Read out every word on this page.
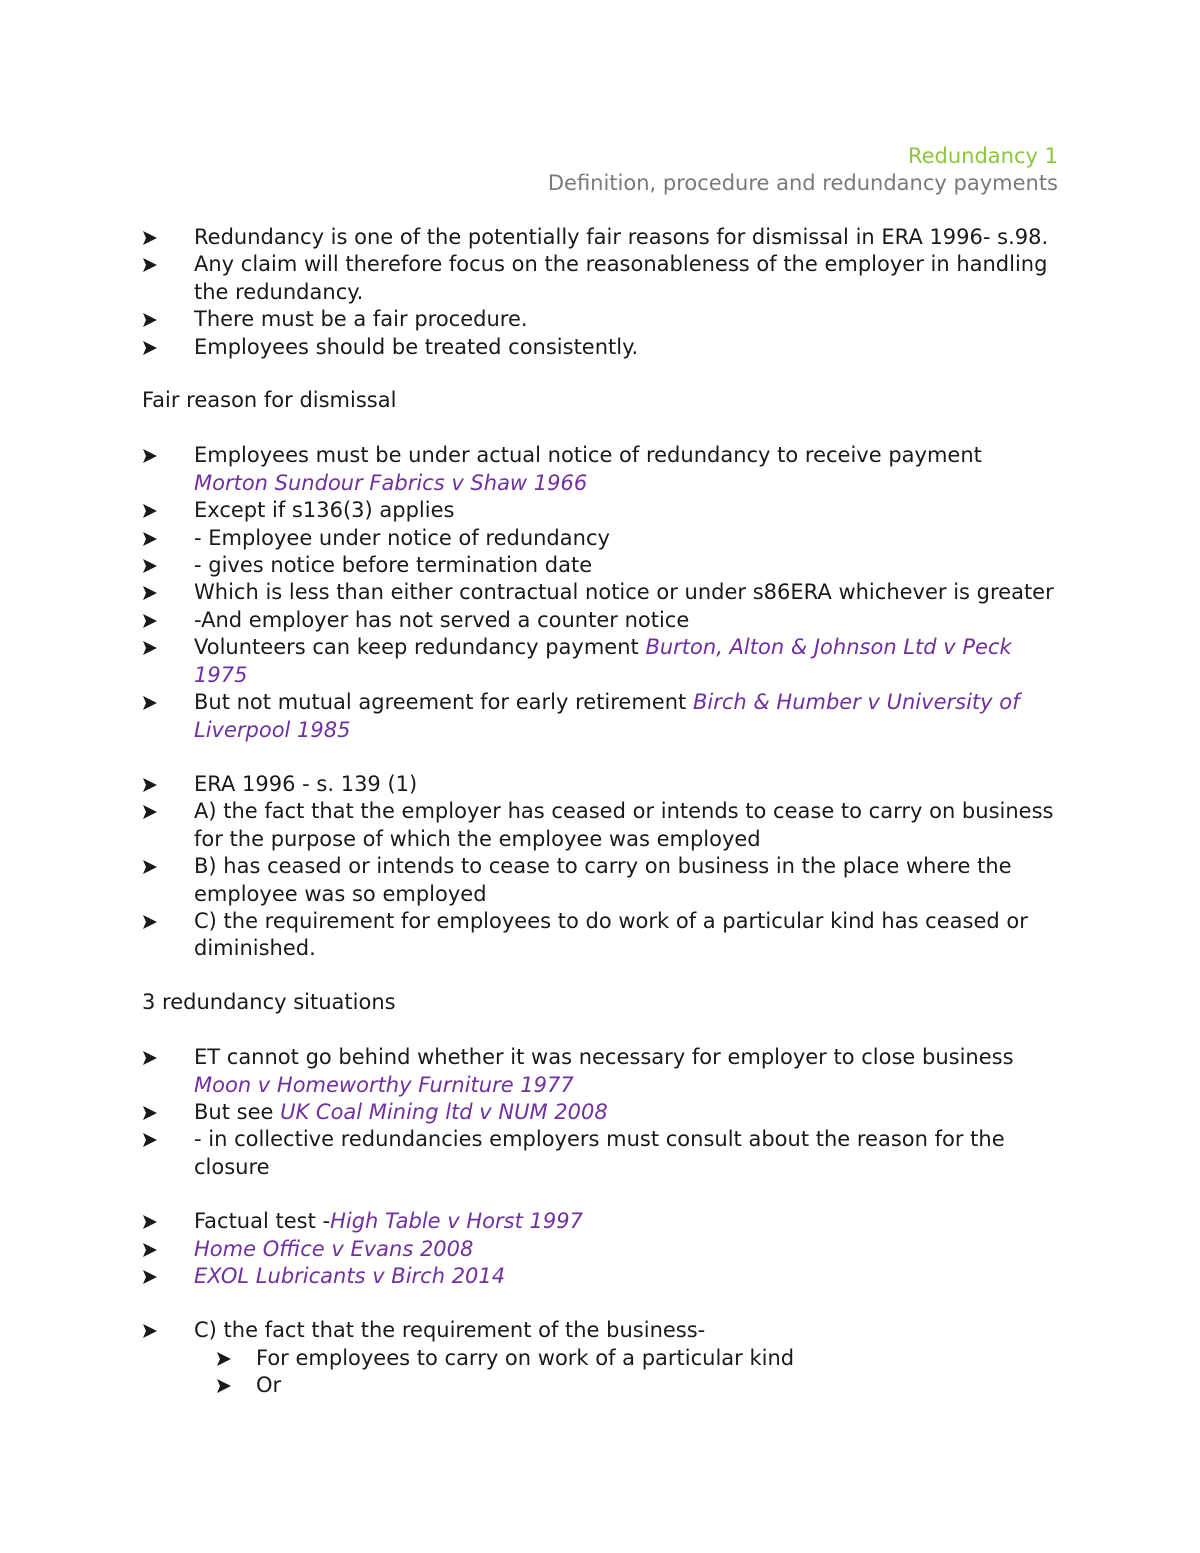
Redundancy 1
Definition, procedure and redundancy payments
Redundancy is one of the potentially fair reasons for dismissal in ERA 1996- s.98.
Any claim will therefore focus on the reasonableness of the employer in handling the redundancy.
There must be a fair procedure.
Employees should be treated consistently.
Fair reason for dismissal
Employees must be under actual notice of redundancy to receive payment
Morton Sundour Fabrics v Shaw 1966
Except if s136(3) applies
- Employee under notice of redundancy
- gives notice before termination date
Which is less than either contractual notice or under s86ERA whichever is greater
-And employer has not served a counter notice
Volunteers can keep redundancy payment Burton, Alton & Johnson Ltd v Peck 1975
But not mutual agreement for early retirement Birch & Humber v University of Liverpool 1985
ERA 1996 - s. 139 (1)
A) the fact that the employer has ceased or intends to cease to carry on business for the purpose of which the employee was employed
B) has ceased or intends to cease to carry on business in the place where the employee was so employed
C) the requirement for employees to do work of a particular kind has ceased or diminished.
3 redundancy situations
ET cannot go behind whether it was necessary for employer to close business
Moon v Homeworthy Furniture 1977
But see UK Coal Mining ltd v NUM 2008
- in collective redundancies employers must consult about the reason for the closure
Factual test -High Table v Horst 1997
Home Office v Evans 2008
EXOL Lubricants v Birch 2014
C) the fact that the requirement of the business-
For employees to carry on work of a particular kind
Or
